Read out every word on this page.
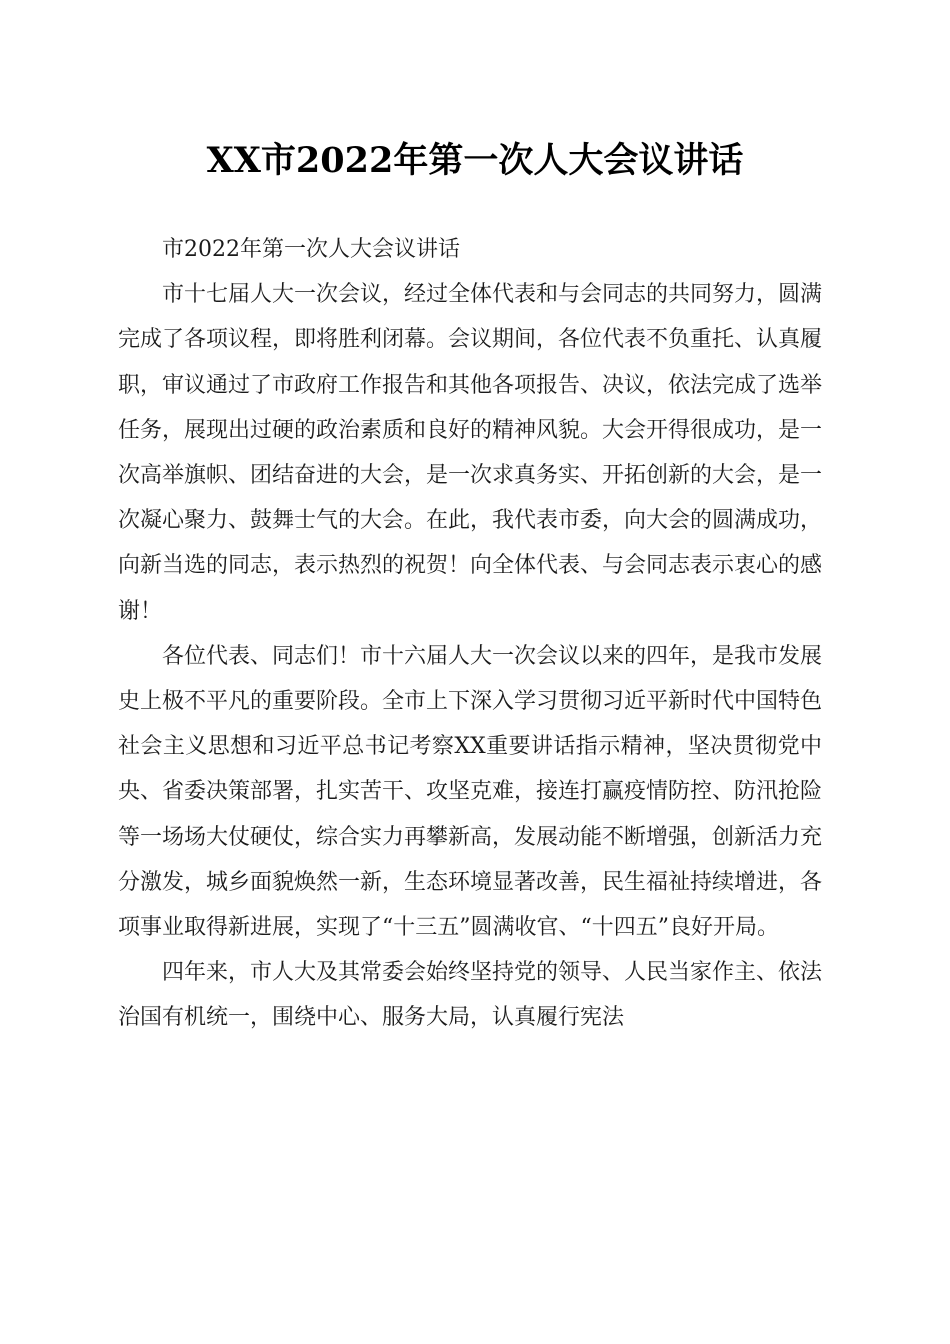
XX市2022年第一次人大会议讲话

市2022年第一次人大会议讲话

市十七届人大一次会议，经过全体代表和与会同志的共同努力，圆满完成了各项议程，即将胜利闭幕。会议期间，各位代表不负重托、认真履职，审议通过了市政府工作报告和其他各项报告、决议，依法完成了选举任务，展现出过硬的政治素质和良好的精神风貌。大会开得很成功，是一次高举旗帜、团结奋进的大会，是一次求真务实、开拓创新的大会，是一次凝心聚力、鼓舞士气的大会。在此，我代表市委，向大会的圆满成功，向新当选的同志，表示热烈的祝贺！向全体代表、与会同志表示衷心的感谢！

各位代表、同志们！市十六届人大一次会议以来的四年，是我市发展史上极不平凡的重要阶段。全市上下深入学习贯彻习近平新时代中国特色社会主义思想和习近平总书记考察XX重要讲话指示精神，坚决贯彻党中央、省委决策部署，扎实苦干、攻坚克难，接连打赢疫情防控、防汛抢险等一场场大仗硬仗，综合实力再攀新高，发展动能不断增强，创新活力充分激发，城乡面貌焕然一新，生态环境显著改善，民生福祉持续增进，各项事业取得新进展，实现了“十三五”圆满收官、“十四五”良好开局。

四年来，市人大及其常委会始终坚持党的领导、人民当家作主、依法治国有机统一，围绕中心、服务大局，认真履行宪法
